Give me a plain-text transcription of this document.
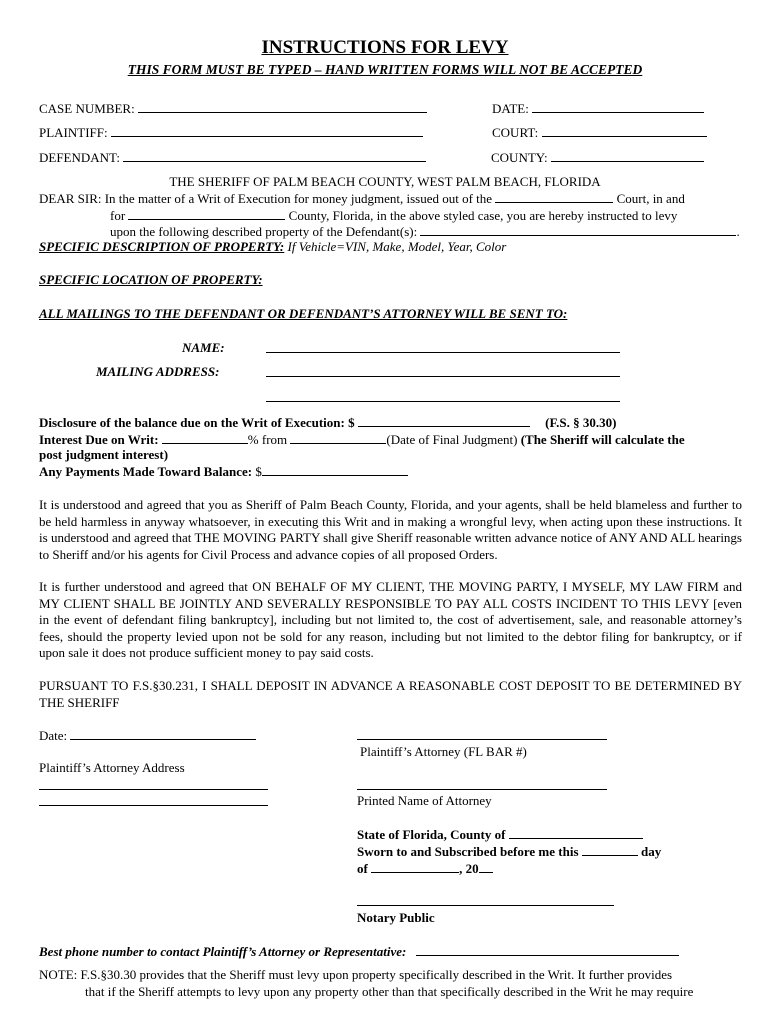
INSTRUCTIONS FOR LEVY
THIS FORM MUST BE TYPED – HAND WRITTEN FORMS WILL NOT BE ACCEPTED
CASE NUMBER:	DATE:
PLAINTIFF:	COURT:
DEFENDANT:	COUNTY:
THE SHERIFF OF PALM BEACH COUNTY, WEST PALM BEACH, FLORIDA
DEAR SIR: In the matter of a Writ of Execution for money judgment, issued out of the	Court, in and
for	County, Florida, in the above styled case, you are hereby instructed to levy
upon the following described property of the Defendant(s):	.
SPECIFIC DESCRIPTION OF PROPERTY: If Vehicle=VIN, Make, Model, Year, Color
SPECIFIC LOCATION OF PROPERTY:
ALL MAILINGS TO THE DEFENDANT OR DEFENDANT’S ATTORNEY WILL BE SENT TO:
NAME:
MAILING ADDRESS:
Disclosure of the balance due on the Writ of Execution: $	(F.S. § 30.30)
Interest Due on Writ:	% from	(Date of Final Judgment) (The Sheriff will calculate the
post judgment interest)
Any Payments Made Toward Balance: $
It is understood and agreed that you as Sheriff of Palm Beach County, Florida, and your agents, shall be held blameless and further to be held harmless in anyway whatsoever, in executing this Writ and in making a wrongful levy, when acting upon these instructions. It is understood and agreed that THE MOVING PARTY shall give Sheriff reasonable written advance notice of ANY AND ALL hearings to Sheriff and/or his agents for Civil Process and advance copies of all proposed Orders.
It is further understood and agreed that ON BEHALF OF MY CLIENT, THE MOVING PARTY, I MYSELF, MY LAW FIRM and MY CLIENT SHALL BE JOINTLY AND SEVERALLY RESPONSIBLE TO PAY ALL COSTS INCIDENT TO THIS LEVY [even in the event of defendant filing bankruptcy], including but not limited to, the cost of advertisement, sale, and reasonable attorney’s fees, should the property levied upon not be sold for any reason, including but not limited to the debtor filing for bankruptcy, or if upon sale it does not produce sufficient money to pay said costs.
PURSUANT TO F.S.§30.231, I SHALL DEPOSIT IN ADVANCE A REASONABLE COST DEPOSIT TO BE DETERMINED BY THE SHERIFF
Date:
Plaintiff’s Attorney (FL BAR #)
Plaintiff’s Attorney Address
Printed Name of Attorney
State of Florida, County of
Sworn to and Subscribed before me this	day
of	, 20
Notary Public
Best phone number to contact Plaintiff’s Attorney or Representative:
NOTE: F.S.§30.30 provides that the Sheriff must levy upon property specifically described in the Writ. It further provides
that if the Sheriff attempts to levy upon any property other than that specifically described in the Writ he may require
